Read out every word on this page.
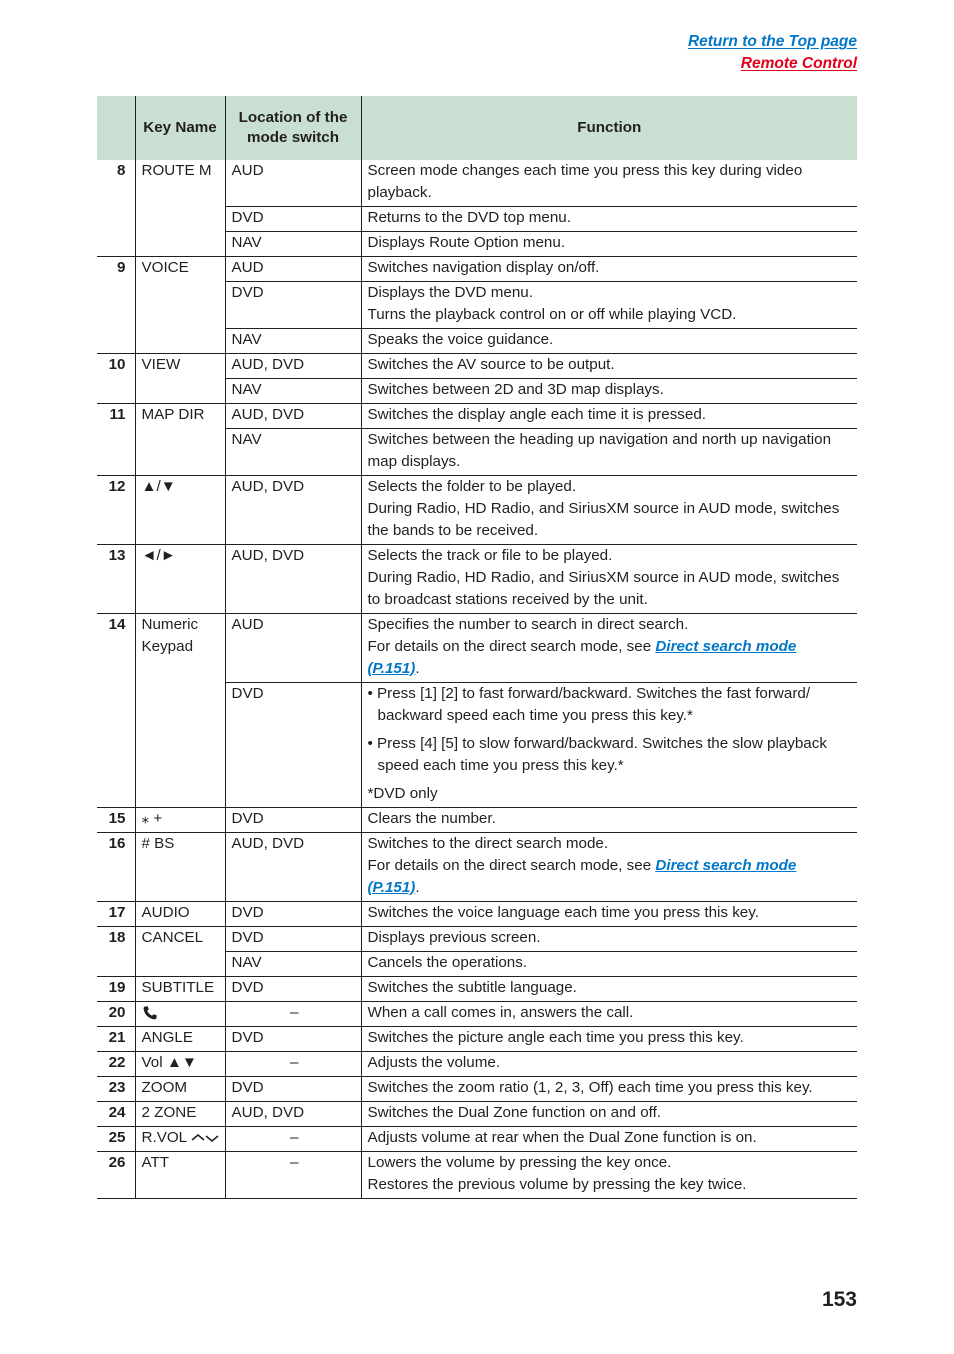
Return to the Top page
Remote Control
	Key Name	Location of the mode switch	Function
8	ROUTE M	AUD	Screen mode changes each time you press this key during video playback.
		DVD	Returns to the DVD top menu.
		NAV	Displays Route Option menu.
9	VOICE	AUD	Switches navigation display on/off.
		DVD	Displays the DVD menu.
Turns the playback control on or off while playing VCD.

		NAV	Speaks the voice guidance.
10	VIEW	AUD, DVD	Switches the AV source to be output.
		NAV	Switches between 2D and 3D map displays.
11	MAP DIR	AUD, DVD	Switches the display angle each time it is pressed.
		NAV	Switches between the heading up navigation and north up navigation map displays.
12	▲/▼	AUD, DVD	Selects the folder to be played.
During Radio, HD Radio, and SiriusXM source in AUD mode, switches the bands to be received.

13	◄/►	AUD, DVD	Selects the track or file to be played.
During Radio, HD Radio, and SiriusXM source in AUD mode, switches to broadcast stations received by the unit.

14	Numeric Keypad	AUD	Specifies the number to search in direct search.
For details on the direct search mode, see Direct search mode (P.151).
		DVD	• Press [1] [2] to fast forward/backward. Switches the fast forward/ backward speed each time you press this key.*
• Press [4] [5] to slow forward/backward. Switches the slow playback speed each time you press this key.*
*DVD only

15	⁎ +	DVD	Clears the number.
16	# BS	AUD, DVD	Switches to the direct search mode.
For details on the direct search mode, see Direct search mode (P.151).
17	AUDIO	DVD	Switches the voice language each time you press this key.
18	CANCEL	DVD	Displays previous screen.
		NAV	Cancels the operations.
19	SUBTITLE	DVD	Switches the subtitle language.
20		–	When a call comes in, answers the call.
21	ANGLE	DVD	Switches the picture angle each time you press this key.
22	Vol ▲▼	–	Adjusts the volume.
23	ZOOM	DVD	Switches the zoom ratio (1, 2, 3, Off) each time you press this key.
24	2 ZONE	AUD, DVD	Switches the Dual Zone function on and off.
25	R.VOL	–	Adjusts volume at rear when the Dual Zone function is on.
26	ATT	–	Lowers the volume by pressing the key once.
Restores the previous volume by pressing the key twice.
153
